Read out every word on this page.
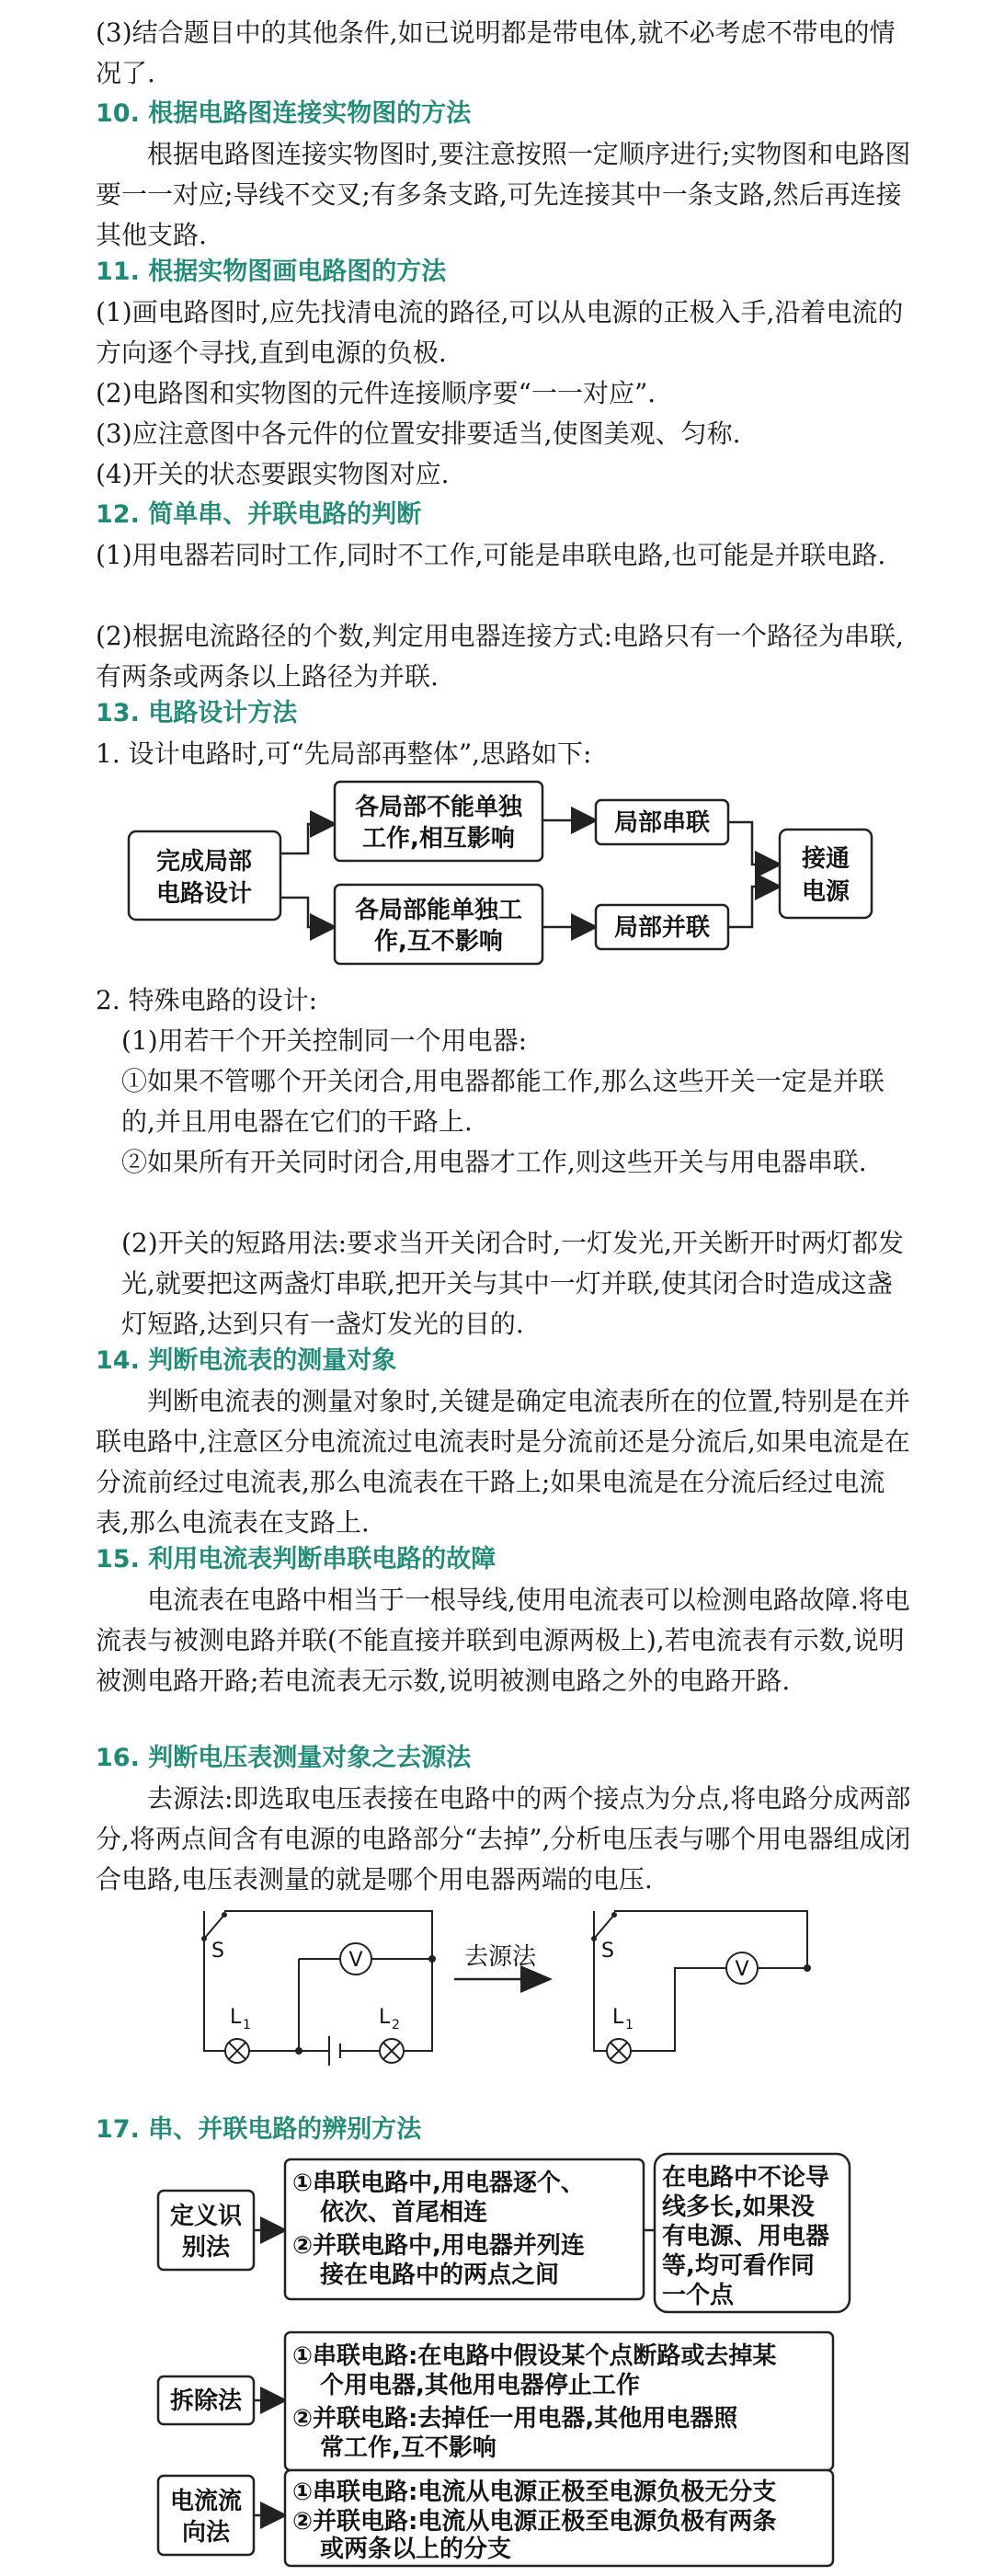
(3)结合题目中的其他条件,如已说明都是带电体,就不必考虑不带电的情况了.

10. 根据电路图连接实物图的方法

根据电路图连接实物图时,要注意按照一定顺序进行;实物图和电路图要一一对应;导线不交叉;有多条支路,可先连接其中一条支路,然后再连接其他支路.

11. 根据实物图画电路图的方法

(1)画电路图时,应先找清电流的路径,可以从电源的正极入手,沿着电流的方向逐个寻找,直到电源的负极.

(2)电路图和实物图的元件连接顺序要“一一对应”.

(3)应注意图中各元件的位置安排要适当,使图美观、匀称.

(4)开关的状态要跟实物图对应.

12. 简单串、并联电路的判断

(1)用电器若同时工作,同时不工作,可能是串联电路,也可能是并联电路.

(2)根据电流路径的个数,判定用电器连接方式:电路只有一个路径为串联,有两条或两条以上路径为并联.

13. 电路设计方法

1. 设计电路时,可“先局部再整体”,思路如下:

完成局部
电路设计
各局部不能单独
工作,相互影响
局部串联
各局部能单独工
作,互不影响	局部并联
接通
电源

2. 特殊电路的设计:

(1)用若干个开关控制同一个用电器:

①如果不管哪个开关闭合,用电器都能工作,那么这些开关一定是并联的,并且用电器在它们的干路上.

②如果所有开关同时闭合,用电器才工作,则这些开关与用电器串联.

(2)开关的短路用法:要求当开关闭合时,一灯发光,开关断开时两灯都发光,就要把这两盏灯串联,把开关与其中一灯并联,使其闭合时造成这盏灯短路,达到只有一盏灯发光的目的.

14. 判断电流表的测量对象

判断电流表的测量对象时,关键是确定电流表所在的位置,特别是在并联电路中,注意区分电流流过电流表时是分流前还是分流后,如果电流是在分流前经过电流表,那么电流表在干路上;如果电流是在分流后经过电流表,那么电流表在支路上.

15. 利用电流表判断串联电路的故障

电流表在电路中相当于一根导线,使用电流表可以检测电路故障.将电流表与被测电路并联(不能直接并联到电源两极上),若电流表有示数,说明被测电路开路;若电流表无示数,说明被测电路之外的电路开路.

16. 判断电压表测量对象之去源法

去源法:即选取电压表接在电路中的两个接点为分点,将电路分成两部分,将两点间含有电源的电路部分“去掉”,分析电压表与哪个用电器组成闭合电路,电压表测量的就是哪个用电器两端的电压.

V
S
L 1	L 2
去源法	V
S
L 1
17. 串、并联电路的辨别方法
定义识
别法
①串联电路中,用电器逐个、
依次、首尾相连
②并联电路中,用电器并列连
接在电路中的两点之间
在电路中不论导
线多长,如果没
有电源、用电器
等,均可看作同
一个点
拆除法
①串联电路:在电路中假设某个点断路或去掉某
个用电器,其他用电器停止工作
②并联电路:去掉任一用电器,其他用电器照
常工作,互不影响
电流流
向法
①串联电路:电流从电源正极至电源负极无分支
②并联电路:电流从电源正极至电源负极有两条
或两条以上的分支
